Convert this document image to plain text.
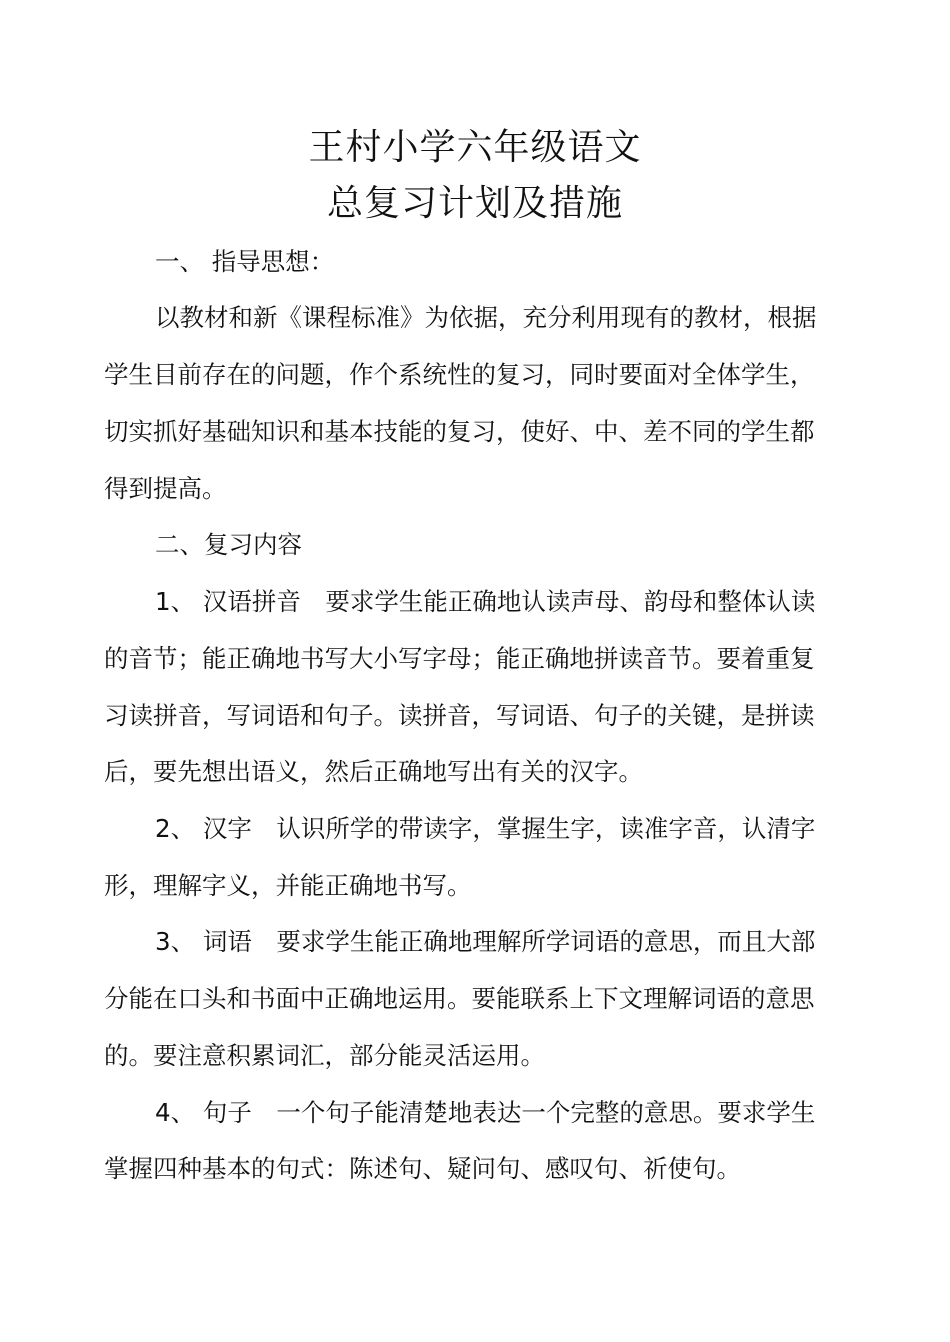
王村小学六年级语文
总复习计划及措施
一、 指导思想：
以教材和新《课程标准》为依据，充分利用现有的教材，根据
学生目前存在的问题，作个系统性的复习，同时要面对全体学生，
切实抓好基础知识和基本技能的复习，使好、中、差不同的学生都
得到提高。
二、复习内容
1、 汉语拼音　要求学生能正确地认读声母、韵母和整体认读
的音节；能正确地书写大小写字母；能正确地拼读音节。要着重复
习读拼音，写词语和句子。读拼音，写词语、句子的关键，是拼读
后，要先想出语义，然后正确地写出有关的汉字。
2、 汉字　认识所学的带读字，掌握生字，读准字音，认清字
形，理解字义，并能正确地书写。
3、 词语　要求学生能正确地理解所学词语的意思，而且大部
分能在口头和书面中正确地运用。要能联系上下文理解词语的意思
的。要注意积累词汇，部分能灵活运用。
4、 句子　一个句子能清楚地表达一个完整的意思。要求学生
掌握四种基本的句式：陈述句、疑问句、感叹句、祈使句。
